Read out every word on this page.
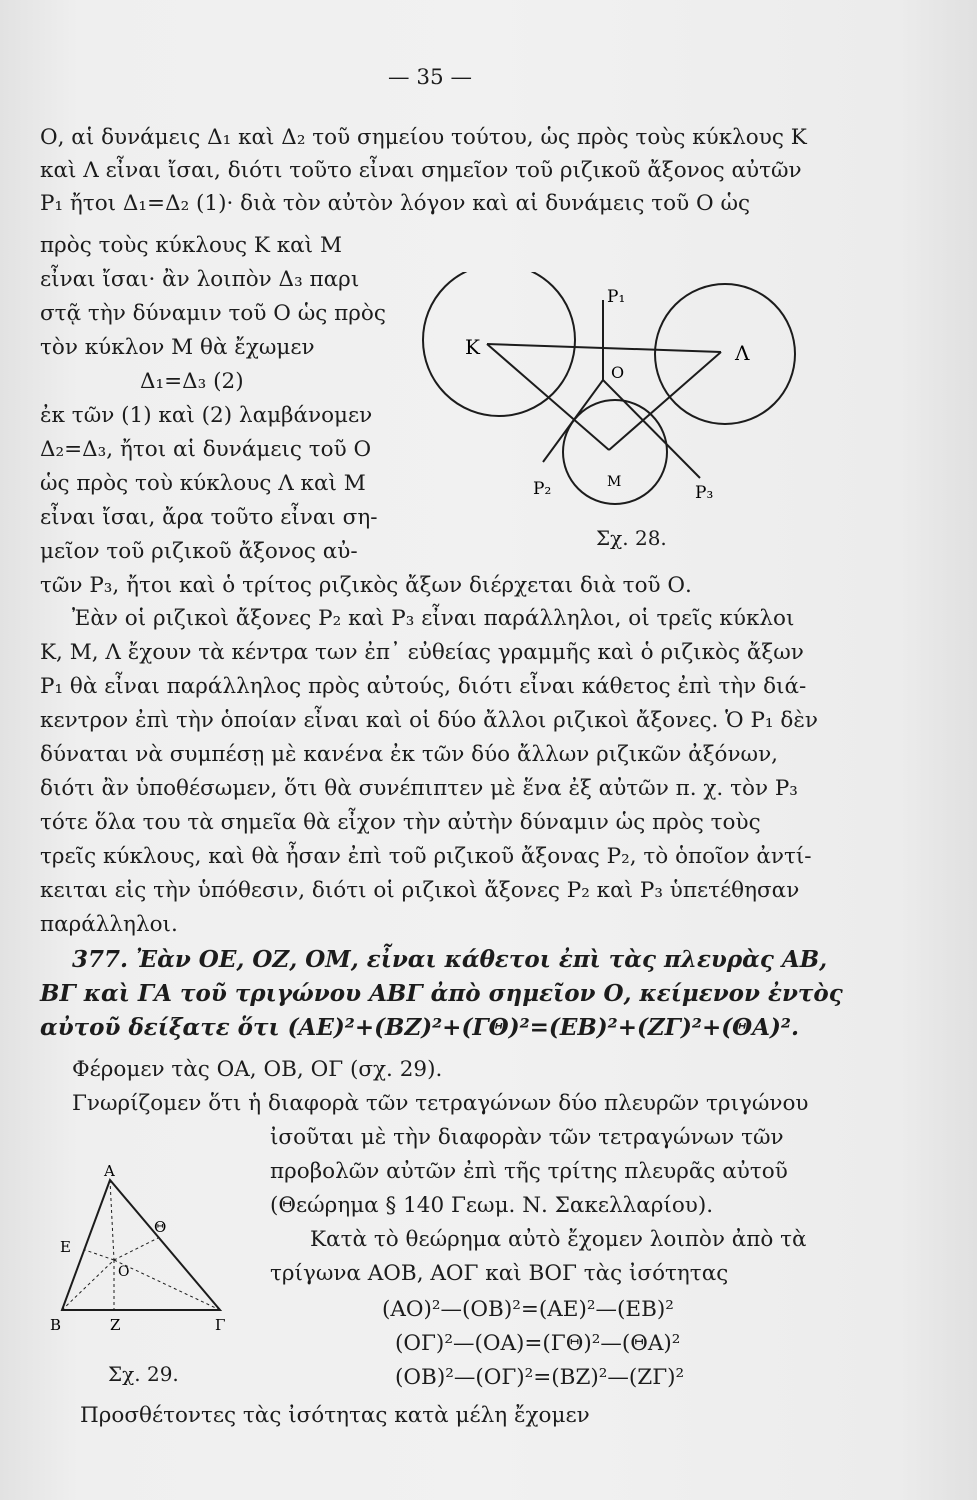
— 35 —
Ο, αἱ δυνάμεις Δ₁ καὶ Δ₂ τοῦ σημείου τούτου, ὡς πρὸς τοὺς κύκλους Κ
καὶ Λ εἶναι ἴσαι, διότι τοῦτο εἶναι σημεῖον τοῦ ριζικοῦ ἄξονος αὐτῶν
P₁ ἤτοι Δ₁=Δ₂ (1)· διὰ τὸν αὐτὸν λόγον καὶ αἱ δυνάμεις τοῦ Ο ὡς
πρὸς τοὺς κύκλους Κ καὶ Μ
εἶναι ἴσαι· ἂν λοιπὸν Δ₃ παρι
στᾷ τὴν δύναμιν τοῦ Ο ὡς πρὸς
τὸν κύκλον Μ θὰ ἔχωμεν
Δ₁=Δ₃ (2)
ἐκ τῶν (1) καὶ (2) λαμβάνομεν
Δ₂=Δ₃, ἤτοι αἱ δυνάμεις τοῦ Ο
ὡς πρὸς τοὺ κύκλους Λ καὶ Μ
εἶναι ἴσαι, ἄρα τοῦτο εἶναι ση-
μεῖον τοῦ ριζικοῦ ἄξονος αὐ-
K	Λ
M
O
P₁
P₂	P₃
Σχ. 28.
τῶν P₃, ἤτοι καὶ ὁ τρίτος ριζικὸς ἄξων διέρχεται διὰ τοῦ Ο.
Ἐὰν οἱ ριζικοὶ ἄξονες P₂ καὶ P₃ εἶναι παράλληλοι, οἱ τρεῖς κύκλοι
Κ, Μ, Λ ἔχουν τὰ κέντρα των ἐπ᾽ εὐθείας γραμμῆς καὶ ὁ ριζικὸς ἄξων
P₁ θὰ εἶναι παράλληλος πρὸς αὐτούς, διότι εἶναι κάθετος ἐπὶ τὴν διά-
κεντρον ἐπὶ τὴν ὁποίαν εἶναι καὶ οἱ δύο ἄλλοι ριζικοὶ ἄξονες. Ὁ P₁ δὲν
δύναται νὰ συμπέσῃ μὲ κανένα ἐκ τῶν δύο ἄλλων ριζικῶν ἀξόνων,
διότι ἂν ὑποθέσωμεν, ὅτι θὰ συνέπιπτεν μὲ ἕνα ἐξ αὐτῶν π. χ. τὸν P₃
τότε ὅλα του τὰ σημεῖα θὰ εἶχον τὴν αὐτὴν δύναμιν ὡς πρὸς τοὺς
τρεῖς κύκλους, καὶ θὰ ἦσαν ἐπὶ τοῦ ριζικοῦ ἄξονας P₂, τὸ ὁποῖον ἀντί-
κειται εἰς τὴν ὑπόθεσιν, διότι οἱ ριζικοὶ ἄξονες P₂ καὶ P₃ ὑπετέθησαν
παράλληλοι.
377. Ἐὰν ΟΕ, ΟΖ, ΟΜ, εἶναι κάθετοι ἐπὶ τὰς πλευρὰς ΑΒ,
ΒΓ καὶ ΓΑ τοῦ τριγώνου ΑΒΓ ἀπὸ σημεῖον Ο, κείμενον ἐντὸς
αὐτοῦ δείξατε ὅτι (ΑΕ)²+(ΒΖ)²+(ΓΘ)²=(ΕΒ)²+(ΖΓ)²+(ΘΑ)².
Φέρομεν τὰς ΟΑ, ΟΒ, ΟΓ (σχ. 29).
Γνωρίζομεν ὅτι ἡ διαφορὰ τῶν τετραγώνων δύο πλευρῶν τριγώνου
ἰσοῦται μὲ τὴν διαφορὰν τῶν τετραγώνων τῶν
προβολῶν αὐτῶν ἐπὶ τῆς τρίτης πλευρᾶς αὐτοῦ
(Θεώρημα § 140 Γεωμ. Ν. Σακελλαρίου).
Κατὰ τὸ θεώρημα αὐτὸ ἔχομεν λοιπὸν ἀπὸ τὰ
τρίγωνα ΑΟΒ, ΑΟΓ καὶ ΒΟΓ τὰς ἰσότητας
(ΑΟ)²—(ΟΒ)²=(ΑΕ)²—(ΕΒ)²
(ΟΓ)²—(ΟΑ)=(ΓΘ)²—(ΘΑ)²
(ΟΒ)²—(ΟΓ)²=(ΒΖ)²—(ΖΓ)²
Α
Β	Γ
Ε
Ζ
Θ
Ο
Σχ. 29.
Προσθέτοντες τὰς ἰσότητας κατὰ μέλη ἔχομεν
